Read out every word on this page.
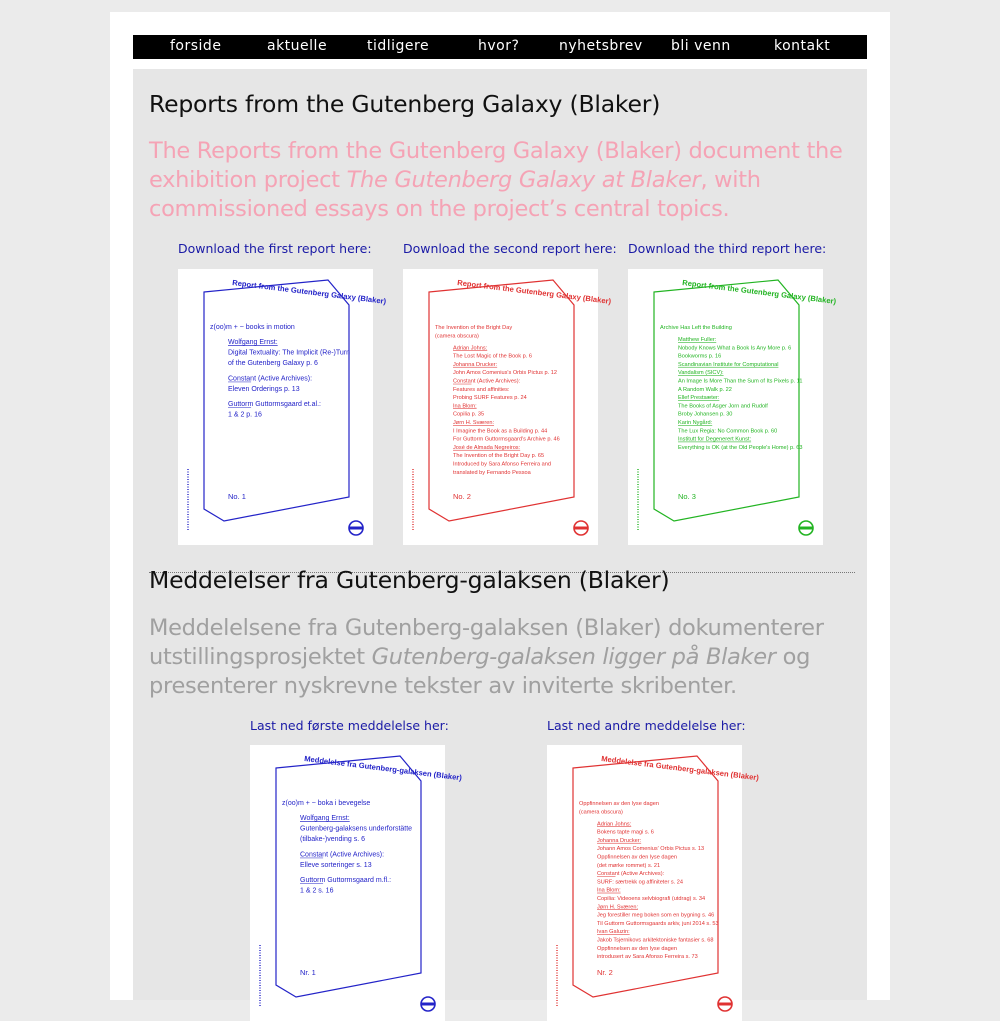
forside	aktuelle	tidligere	hvor?	nyhetsbrev bli venn	kontakt
Reports from the Gutenberg Galaxy (Blaker)

The Reports from the Gutenberg Galaxy (Blaker) document the exhibition project The Gutenberg Galaxy at Blaker, with commissioned essays on the project’s central topics.

Download the first report here:	Download the second report here: Download the third report here:
Report from the Gutenberg Galaxy (Blaker)
z(oo)m + ~ books in motion
Wolfgang Ernst:
Digital Textuality: The Implicit (Re-)Turn
of the Gutenberg Galaxy p. 6
Constant (Active Archives):
Eleven Orderings p. 13
Guttorm Guttormsgaard et.al.:
1 & 2 p. 16
No. 1
Report from the Gutenberg Galaxy (Blaker)
The Invention of the Bright Day
(camera obscura)
Adrian Johns:
The Lost Magic of the Book p. 6
Johanna Drucker:
John Amos Comenius's Orbis Pictus p. 12
Constant (Active Archives):
Features and affinities:
Probing SURF Features p. 24
Ina Blom:
Copilia p. 35
Jørn H. Sværen:
I Imagine the Book as a Building p. 44
For Guttorm Guttormsgaard's Archive p. 46
José de Almada Negreiros:
The Invention of the Bright Day p. 65
Introduced by Sara Afonso Ferreira and
translated by Fernando Pessoa
No. 2
Report from the Gutenberg Galaxy (Blaker)
Archive Has Left the Building
Matthew Fuller:
Nobody Knows What a Book Is Any More p. 6
Bookworms p. 16
Scandinavian Institute for Computational
Vandalism (SICV):
An Image Is More Than the Sum of Its Pixels p. 11
A Random Walk p. 22
Ellef Prestsæter:
The Books of Asger Jorn and Rudolf
Broby Johansen p. 30
Karin Nygård:
The Lux Regia: No Common Book p. 60
Institutt for Degenerert Kunst:
Everything is OK (at the Old People's Home) p. 63
No. 3
Meddelelser fra Gutenberg-galaksen (Blaker)

Meddelelsene fra Gutenberg-galaksen (Blaker) dokumenterer utstillingsprosjektet Gutenberg-galaksen ligger på Blaker og presenterer nyskrevne tekster av inviterte skribenter.

Last ned første meddelelse her:	Last ned andre meddelelse her:
Meddelelse fra Gutenberg-galaksen (Blaker)
z(oo)m + ~ boka i bevegelse
Wolfgang Ernst:
Gutenberg-galaksens underforstätte
(tilbake-)vending s. 6
Constant (Active Archives):
Elleve sorteringer s. 13
Guttorm Guttormsgaard m.fl.:
1 & 2 s. 16
Nr. 1
Meddelelse fra Gutenberg-galaksen (Blaker)
Oppfinnelsen av den lyse dagen
(camera obscura)
Adrian Johns:
Bokens tapte magi s. 6
Johanna Drucker:
Johann Amos Comenius' Orbis Pictus s. 13
Oppfinnelsen av den lyse dagen
(det mørke rommet) s. 21
Constant (Active Archives):
SURF: særtrekk og affiniteter s. 24
Ina Blom:
Copilia: Videoens selvbiografi (utdrag) s. 34
Jørn H. Sværen:
Jeg forestiller meg boken som en bygning s. 46
Til Guttorm Guttormsgaards arkiv, juni 2014 s. 53
Ivan Galuzin:
Jakob Tsjernikovs arkitektoniske fantasier s. 68
Oppfinnelsen av den lyse dagen
introdusert av Sara Afonso Ferreira s. 73
Nr. 2
